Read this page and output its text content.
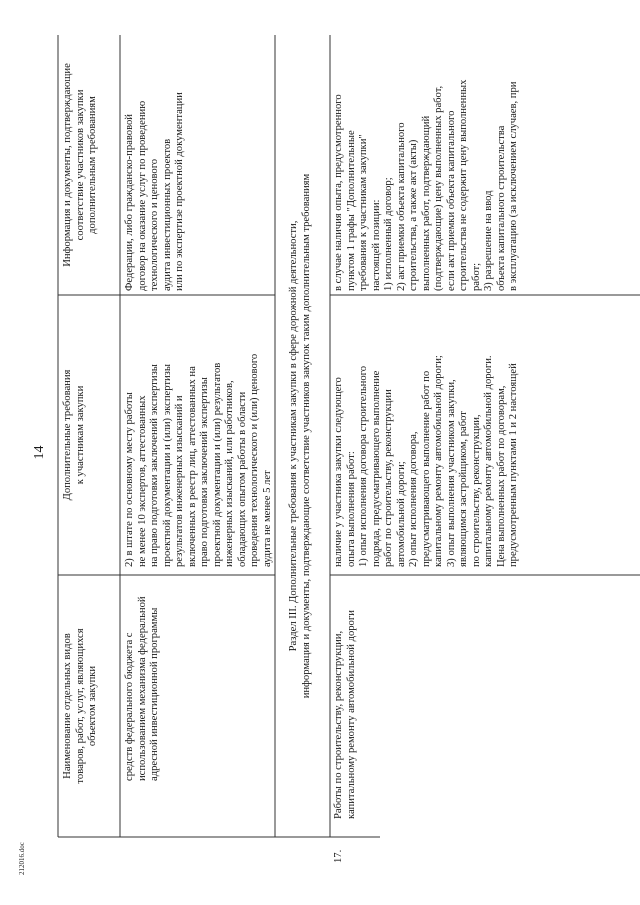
14
212016.doc
Наименование отдельных видов товаров, работ, услуг, являющихся объектом закупки
Дополнительные требования к участникам закупки
Информация и документы, подтверждающие соответствие участников закупки дополнительным требованиям
средств федерального бюджета с использованием механизма федеральной адресной инвестиционной программы
2) в штате по основному месту работы не менее 10 экспертов, аттестованных на право подготовки заключений экспертизы проектной документации и (или) экспертизы результатов инженерных изысканий и включенных в реестр лиц, аттестованных на право подготовки заключений экспертизы проектной документации и (или) результатов инженерных изысканий, или работников, обладающих опытом работы в области проведения технологического и (или) ценового аудита не менее 5 лет
Федерации, либо гражданско-правовой договор на оказание услуг по проведению технологического и ценового аудита инвестиционных проектов или по экспертизе проектной документации
Раздел III. Дополнительные требования к участникам закупки в сфере дорожной деятельности, информация и документы, подтверждающие соответствие участников закупок таким дополнительным требованиям
17.
Работы по строительству, реконструкции, капитальному ремонту автомобильной дороги
наличие у участника закупки следующего опыта выполнения работ: 1) опыт исполнения договора строительного подряда, предусматривающего выполнение работ по строительству, реконструкции автомобильной дороги; 2) опыт исполнения договора, предусматривающего выполнение работ по капитальному ремонту автомобильной дороги; 3) опыт выполнения участником закупки, являющимся застройщиком, работ по строительству, реконструкции, капитальному ремонту автомобильной дороги. Цена выполненных работ по договорам, предусмотренным пунктами 1 и 2 настоящей
в случае наличия опыта, предусмотренного пунктом 1 графы "Дополнительные требования к участникам закупки" настоящей позиции: 1) исполненный договор; 2) акт приемки объекта капитального строительства, а также акт (акты) выполненных работ, подтверждающий (подтверждающие) цену выполненных работ, если акт приемки объекта капитального строительства не содержит цену выполненных работ; 3) разрешение на ввод объекта капитального строительства в эксплуатацию (за исключением случаев, при
